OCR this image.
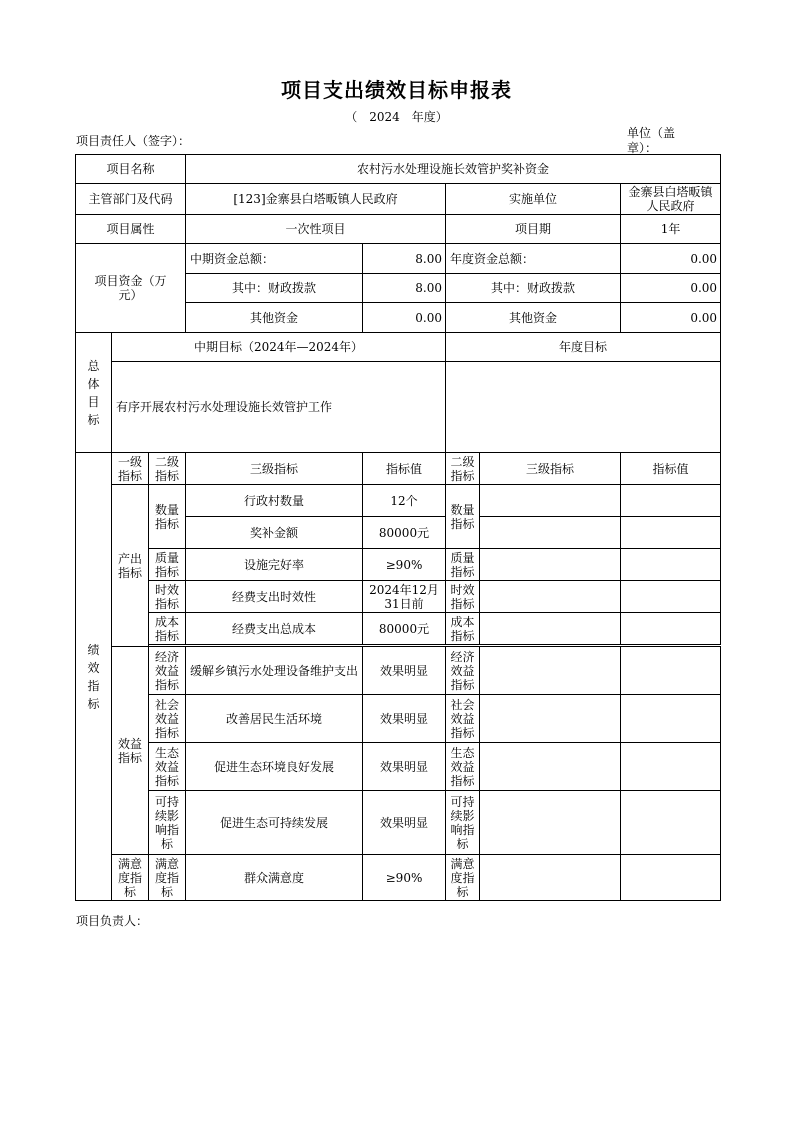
项目支出绩效目标申报表
（　2024　年度）
项目责任人（签字）：
单位（盖章）：
项目名称			农村污水处理设施长效管护奖补资金				
主管部门及代码			[123]金寨县白塔畈镇人民政府		实施单位		金寨县白塔畈镇人民政府
项目属性			一次性项目		项目期		1年
项目资金（万元）			中期资金总额：	8.00	年度资金总额：		0.00
			其中：财政拨款	8.00	其中：财政拨款		0.00
			其他资金	0.00	其他资金		0.00
总体目标	中期目标（2024年—2024年）				年度目标		
	有序开展农村污水处理设施长效管护工作						
绩效指标	一级指标	二级指标	三级指标	指标值	二级指标	三级指标	指标值
	产出指标	数量指标	行政村数量	12个	数量指标		
			奖补金额	80000元			
		质量指标	设施完好率	≥90%	质量指标		
		时效指标	经费支出时效性	2024年12月31日前	时效指标		
		成本指标	经费支出总成本	80000元	成本指标		

	效益指标	经济效益指标	缓解乡镇污水处理设备维护支出	效果明显	经济效益指标		
		社会效益指标	改善居民生活环境	效果明显	社会效益指标		
		生态效益指标	促进生态环境良好发展	效果明显	生态效益指标		
		可持续影响指标	促进生态可持续发展	效果明显	可持续影响指标		
	满意度指标	满意度指标	群众满意度	≥90%	满意度指标		
项目负责人：
